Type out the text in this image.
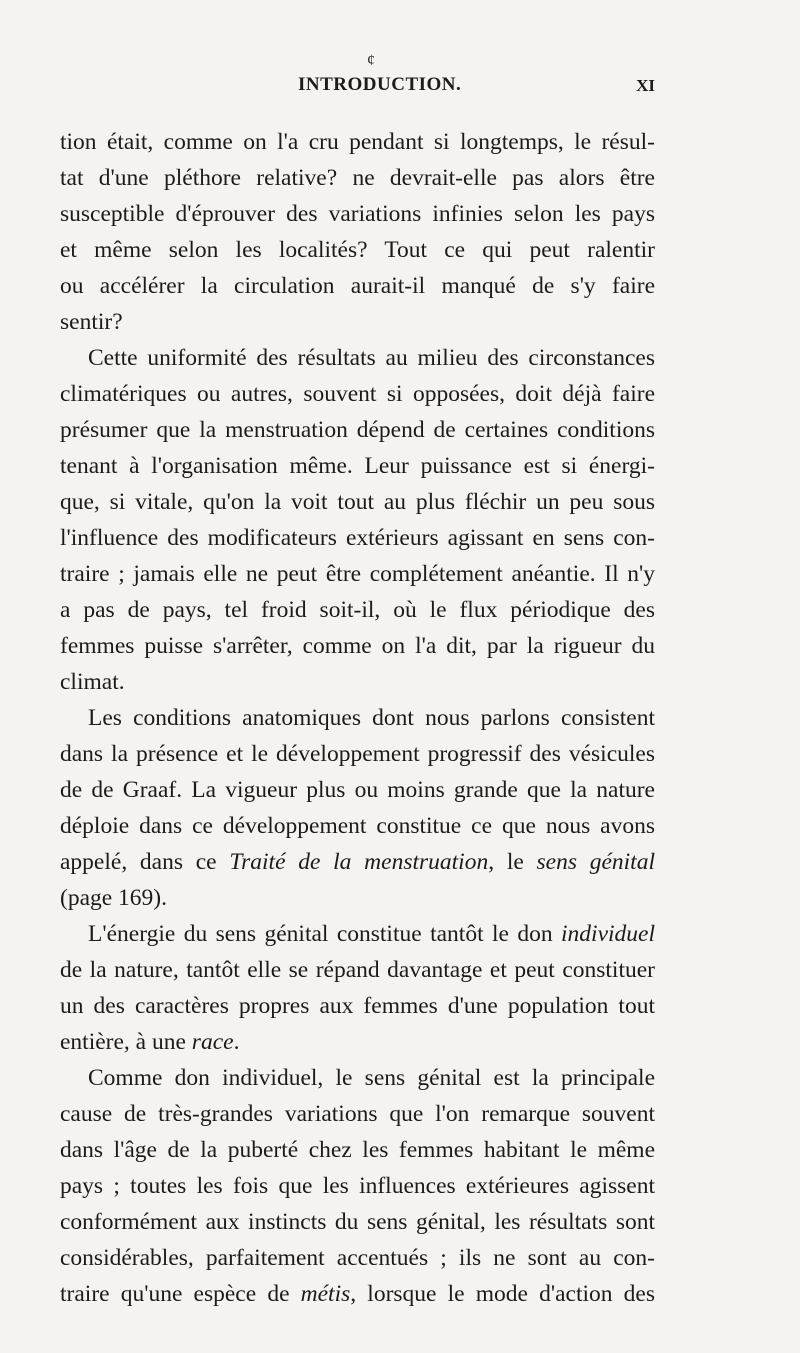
¢
INTRODUCTION.	XI
tion était, comme on l'a cru pendant si longtemps, le résul-
tat d'une pléthore relative? ne devrait-elle pas alors être
susceptible d'éprouver des variations infinies selon les pays
et même selon les localités? Tout ce qui peut ralentir
ou accélérer la circulation aurait-il manqué de s'y faire
sentir?
Cette uniformité des résultats au milieu des circonstances
climatériques ou autres, souvent si opposées, doit déjà faire
présumer que la menstruation dépend de certaines conditions
tenant à l'organisation même. Leur puissance est si énergi-
que, si vitale, qu'on la voit tout au plus fléchir un peu sous
l'influence des modificateurs extérieurs agissant en sens con-
traire ; jamais elle ne peut être complétement anéantie. Il n'y
a pas de pays, tel froid soit-il, où le flux périodique des
femmes puisse s'arrêter, comme on l'a dit, par la rigueur du
climat.
Les conditions anatomiques dont nous parlons consistent
dans la présence et le développement progressif des vésicules
de de Graaf. La vigueur plus ou moins grande que la nature
déploie dans ce développement constitue ce que nous avons
appelé, dans ce Traité de la menstruation, le sens génital
(page 169).
L'énergie du sens génital constitue tantôt le don individuel
de la nature, tantôt elle se répand davantage et peut constituer
un des caractères propres aux femmes d'une population tout
entière, à une race.
Comme don individuel, le sens génital est la principale
cause de très-grandes variations que l'on remarque souvent
dans l'âge de la puberté chez les femmes habitant le même
pays ; toutes les fois que les influences extérieures agissent
conformément aux instincts du sens génital, les résultats sont
considérables, parfaitement accentués ; ils ne sont au con-
traire qu'une espèce de métis, lorsque le mode d'action des
